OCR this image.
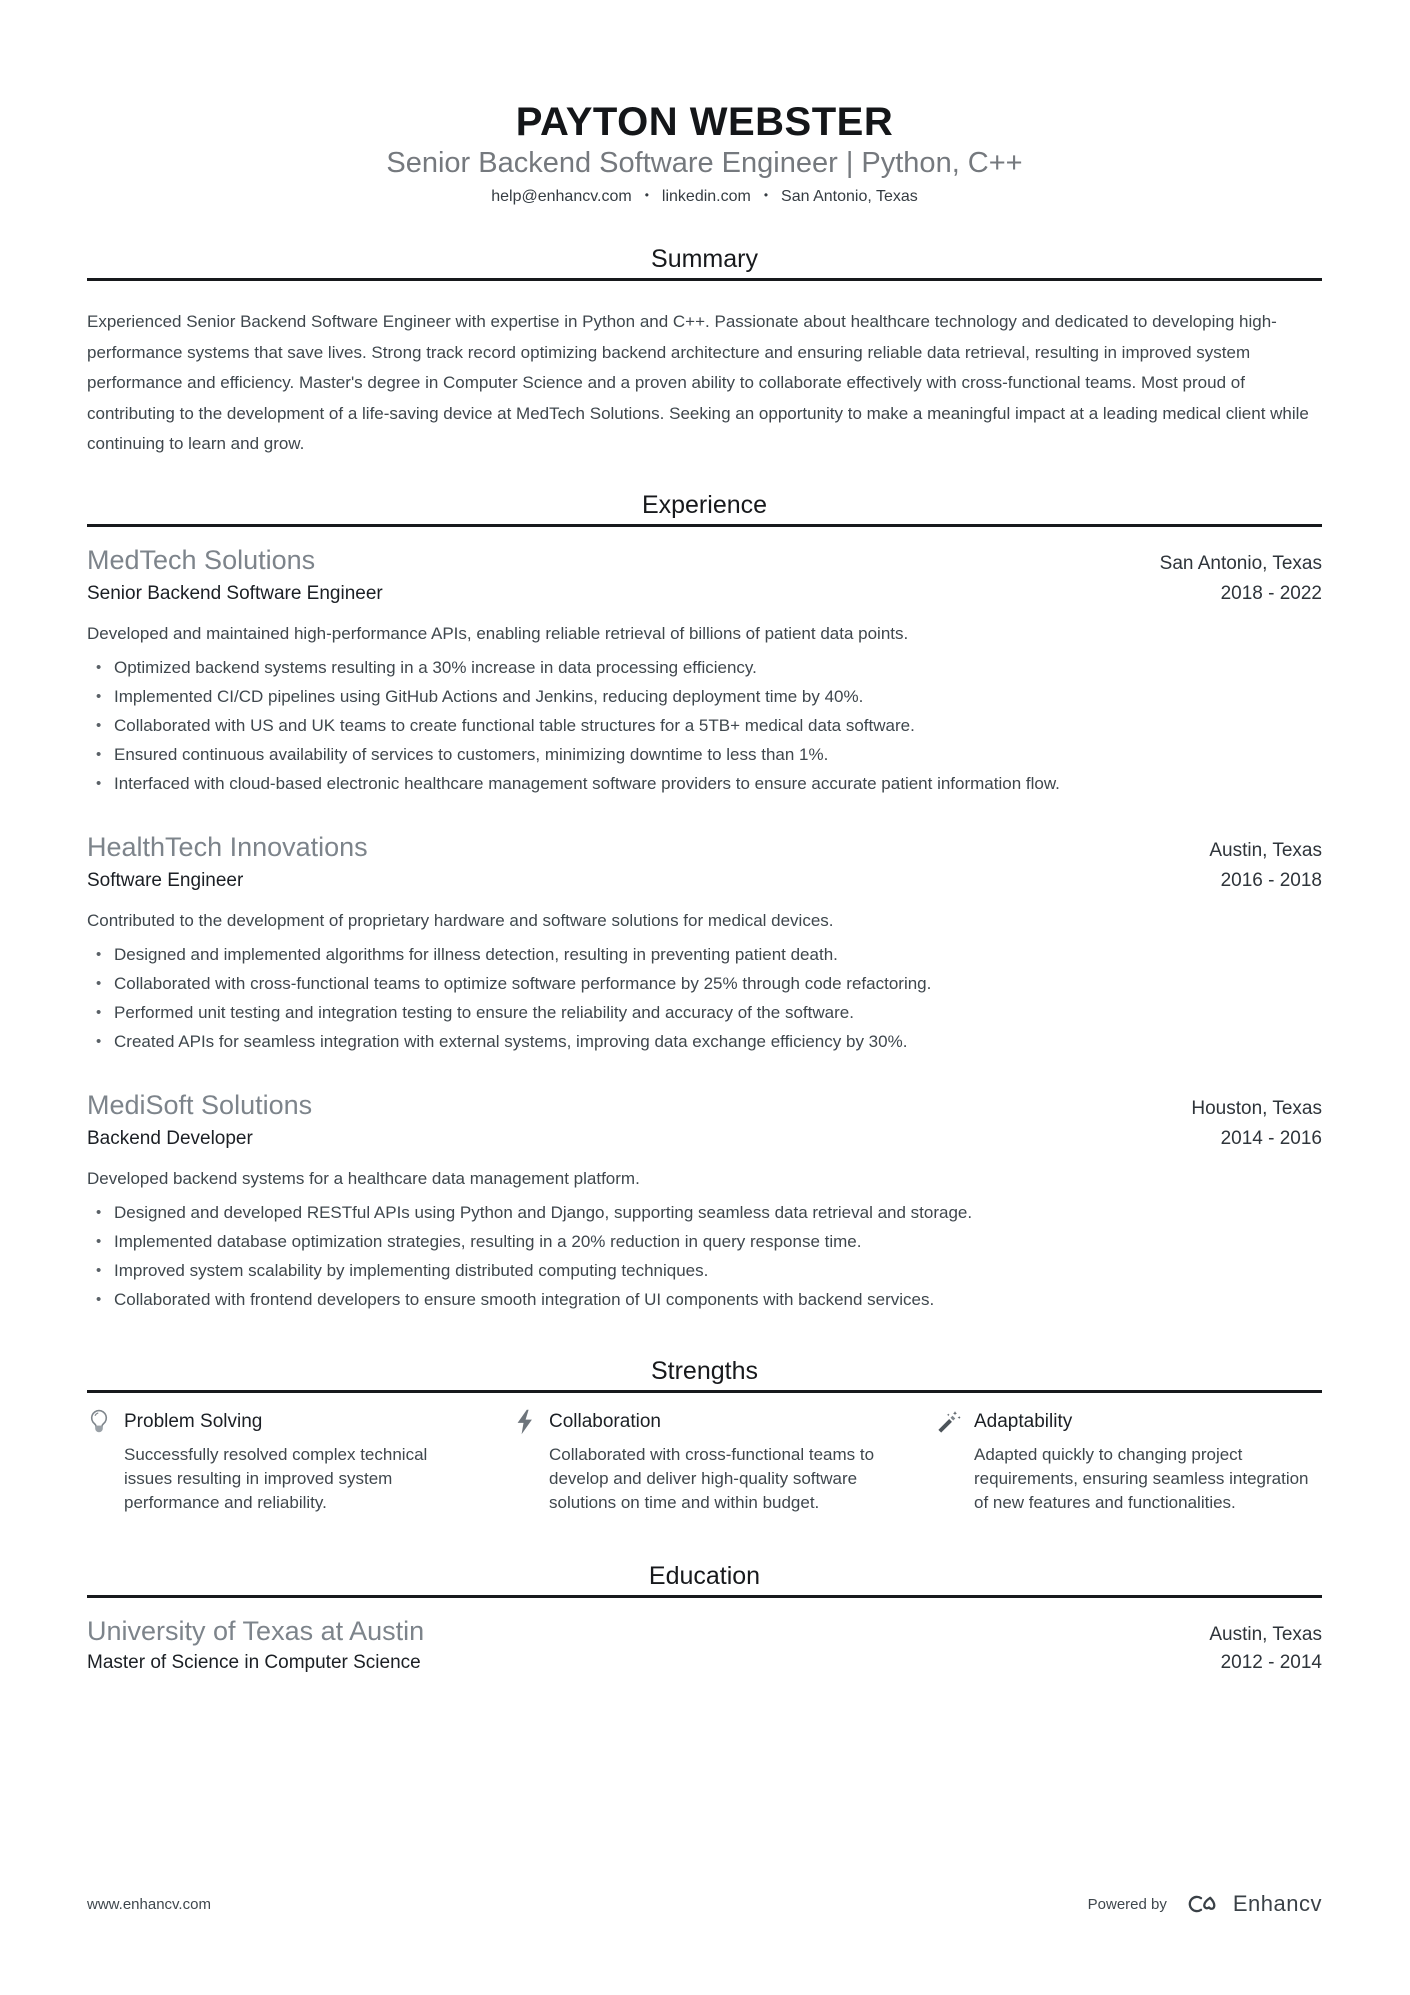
PAYTON WEBSTER
Senior Backend Software Engineer | Python, C++
help@enhancv.com • linkedin.com • San Antonio, Texas
Summary
Experienced Senior Backend Software Engineer with expertise in Python and C++. Passionate about healthcare technology and dedicated to developing high-performance systems that save lives. Strong track record optimizing backend architecture and ensuring reliable data retrieval, resulting in improved system performance and efficiency. Master's degree in Computer Science and a proven ability to collaborate effectively with cross-functional teams. Most proud of contributing to the development of a life-saving device at MedTech Solutions. Seeking an opportunity to make a meaningful impact at a leading medical client while continuing to learn and grow.
Experience
MedTech Solutions	San Antonio, Texas
Senior Backend Software Engineer	2018 - 2022
Developed and maintained high-performance APIs, enabling reliable retrieval of billions of patient data points.
• Optimized backend systems resulting in a 30% increase in data processing efficiency.
• Implemented CI/CD pipelines using GitHub Actions and Jenkins, reducing deployment time by 40%.
• Collaborated with US and UK teams to create functional table structures for a 5TB+ medical data software.
• Ensured continuous availability of services to customers, minimizing downtime to less than 1%.
• Interfaced with cloud-based electronic healthcare management software providers to ensure accurate patient information flow.
HealthTech Innovations	Austin, Texas
Software Engineer	2016 - 2018
Contributed to the development of proprietary hardware and software solutions for medical devices.
• Designed and implemented algorithms for illness detection, resulting in preventing patient death.
• Collaborated with cross-functional teams to optimize software performance by 25% through code refactoring.
• Performed unit testing and integration testing to ensure the reliability and accuracy of the software.
• Created APIs for seamless integration with external systems, improving data exchange efficiency by 30%.
MediSoft Solutions	Houston, Texas
Backend Developer	2014 - 2016
Developed backend systems for a healthcare data management platform.
• Designed and developed RESTful APIs using Python and Django, supporting seamless data retrieval and storage.
• Implemented database optimization strategies, resulting in a 20% reduction in query response time.
• Improved system scalability by implementing distributed computing techniques.
• Collaborated with frontend developers to ensure smooth integration of UI components with backend services.
Strengths
Problem Solving
Successfully resolved complex technical issues resulting in improved system performance and reliability.
Collaboration
Collaborated with cross-functional teams to develop and deliver high-quality software solutions on time and within budget.
Adaptability
Adapted quickly to changing project requirements, ensuring seamless integration of new features and functionalities.
Education
University of Texas at Austin	Austin, Texas
Master of Science in Computer Science	2012 - 2014
www.enhancv.com	Powered by	Enhancv
